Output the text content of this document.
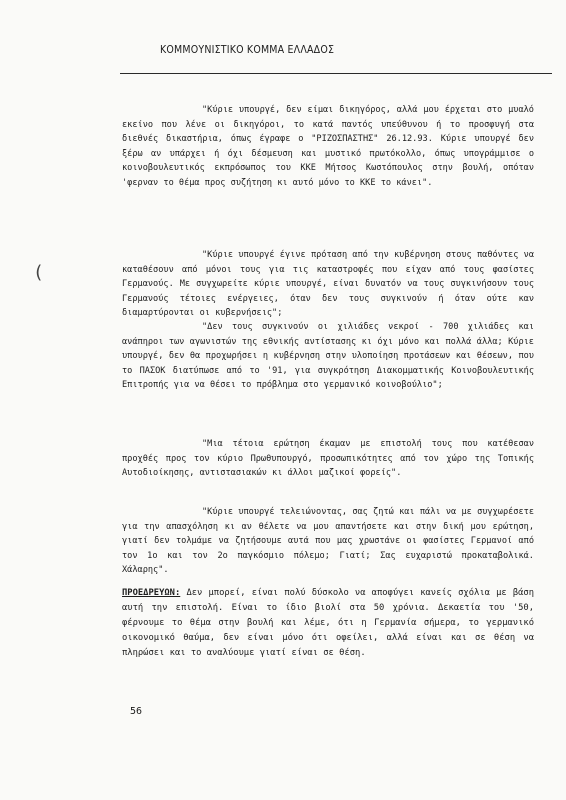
ΚΟΜΜΟΥΝΙΣΤΙΚΟ ΚΟΜΜΑ ΕΛΛΑΔΟΣ
(
"Κύριε υπουργέ, δεν είμαι δικηγόρος, αλλά μου έρχεται στο μυαλό εκείνο που λένε οι δικηγόροι, το κατά παντός υπεύθυνου ή το προσφυγή στα διεθνές δικαστήρια, όπως έγραφε ο "ΡΙΖΟΣΠΑΣΤΗΣ" 26.12.93. Κύριε υπουργέ δεν ξέρω αν υπάρχει ή όχι δέσμευση και μυστικό πρωτόκολλο, όπως υπογράμμισε ο κοινοβουλευτικός εκπρόσωπος του ΚΚΕ Μήτσος Κωστόπουλος στην βουλή, οπόταν 'φερναν το θέμα προς συζήτηση κι αυτό μόνο το ΚΚΕ το κάνει".
"Κύριε υπουργέ έγινε πρόταση από την κυβέρνηση στους παθόντες να καταθέσουν από μόνοι τους για τις καταστροφές που είχαν από τους φασίστες Γερμανούς. Με συγχωρείτε κύριε υπουργέ, είναι δυνατόν να τους συγκινήσουν τους Γερμανούς τέτοιες ενέργειες, όταν δεν τους συγκινούν ή όταν ούτε καν διαμαρτύρονται οι κυβερνήσεις";
"Δεν τους συγκινούν οι χιλιάδες νεκροί - 700 χιλιάδες και ανάπηροι των αγωνιστών της εθνικής αντίστασης κι όχι μόνο και πολλά άλλα; Κύριε υπουργέ, δεν θα προχωρήσει η κυβέρνηση στην υλοποίηση προτάσεων και θέσεων, που το ΠΑΣΟΚ διατύπωσε από το '91, για συγκρότηση Διακομματικής Κοινοβουλευτικής Επιτροπής για να θέσει το πρόβλημα στο γερμανικό κοινοβούλιο";
"Μια τέτοια ερώτηση έκαμαν με επιστολή τους που κατέθεσαν προχθές προς τον κύριο Πρωθυπουργό, προσωπικότητες από τον χώρο της Τοπικής Αυτοδιοίκησης, αντιστασιακών κι άλλοι μαζικοί φορείς".
"Κύριε υπουργέ τελειώνοντας, σας ζητώ και πάλι να με συγχωρέσετε για την απασχόληση κι αν θέλετε να μου απαντήσετε και στην δική μου ερώτηση, γιατί δεν τολμάμε να ζητήσουμε αυτά που μας χρωστάνε οι φασίστες Γερμανοί από τον 1ο και τον 2ο παγκόσμιο πόλεμο; Γιατί; Σας ευχαριστώ προκαταβολικά. Χάλαρης".
ΠΡΟΕΔΡΕΥΩΝ: Δεν μπορεί, είναι πολύ δύσκολο να αποφύγει κανείς σχόλια με βάση αυτή την επιστολή. Είναι το ίδιο βιολί στα 50 χρόνια. Δεκαετία του '50, φέρνουμε το θέμα στην βουλή και λέμε, ότι η Γερμανία σήμερα, το γερμανικό οικονομικό θαύμα, δεν είναι μόνο ότι οφείλει, αλλά είναι και σε θέση να πληρώσει και το αναλύουμε γιατί είναι σε θέση.
56
